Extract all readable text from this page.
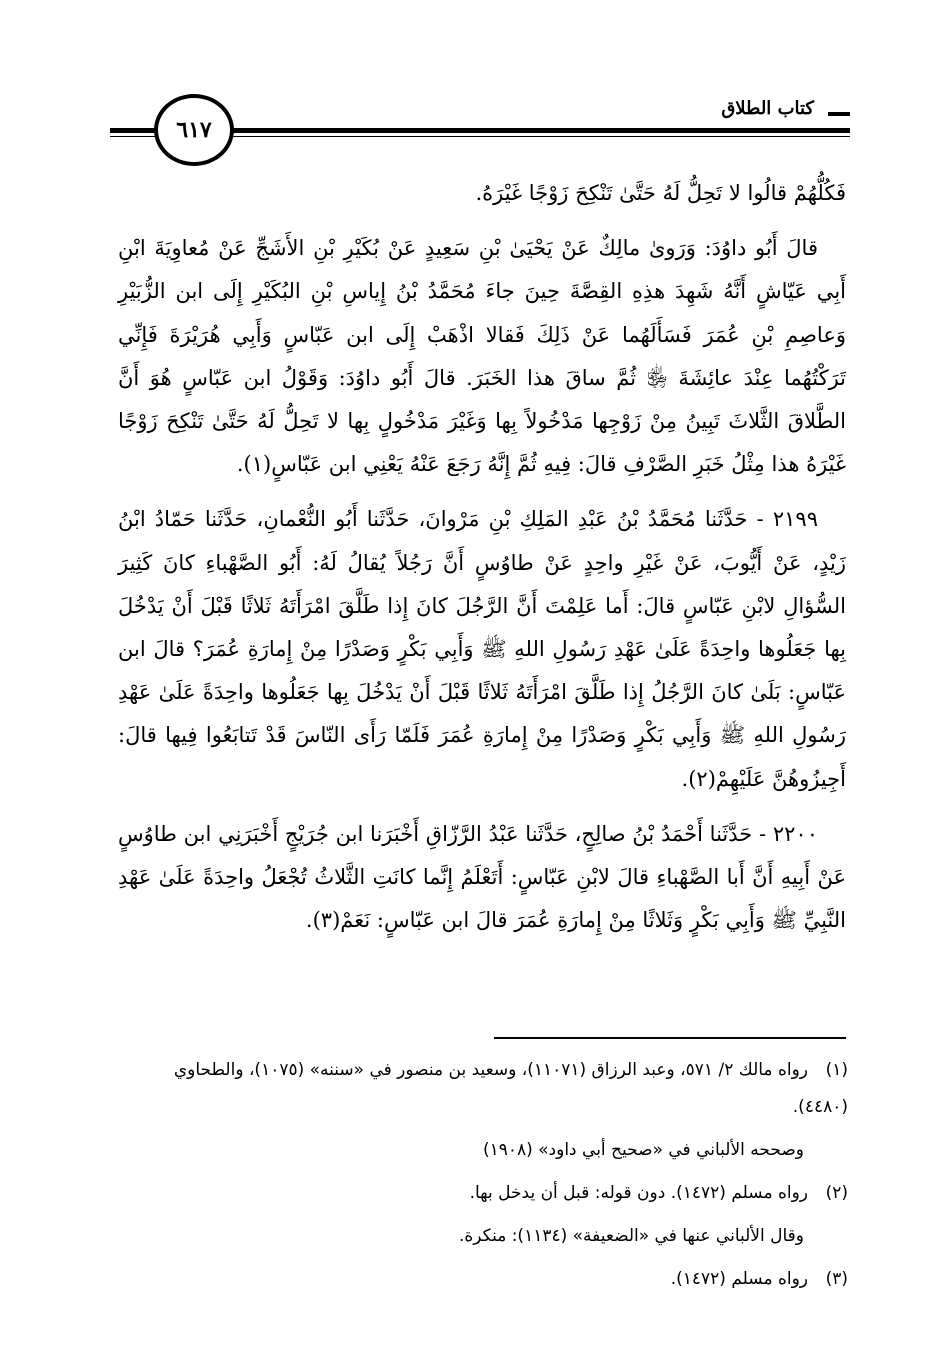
كتاب الطلاق
٦١٧

فَكُلُّهُمْ قالُوا لا تَحِلُّ لَهُ حَتَّىٰ تَنْكِحَ زَوْجًا غَيْرَهُ.

قالَ أَبُو داوُدَ: وَرَوىٰ مالِكٌ عَنْ يَحْيَىٰ بْنِ سَعِيدٍ عَنْ بُكَيْرِ بْنِ الأَشَجِّ عَنْ مُعاوِيَةَ ابْنِ أَبِي عَيّاشٍ أَنَّهُ شَهِدَ هذِهِ القِصَّةَ حِينَ جاءَ مُحَمَّدُ بْنُ إِياسِ بْنِ البُكَيْرِ إِلَى ابن الزُّبَيْرِ وَعاصِمِ بْنِ عُمَرَ فَسَأَلَهُما عَنْ ذَلِكَ فَقالا اذْهَبْ إِلَى ابن عَبّاسٍ وَأَبِي هُرَيْرَةَ فَإِنِّي تَرَكْتُهُما عِنْدَ عائِشَةَ ﵂ ثُمَّ ساقَ هذا الخَبَرَ. قالَ أَبُو داوُدَ: وَقَوْلُ ابن عَبّاسٍ هُوَ أَنَّ الطَّلاقَ الثَّلاثَ تَبِينُ مِنْ زَوْجِها مَدْخُولاً بِها وَغَيْرَ مَدْخُولٍ بِها لا تَحِلُّ لَهُ حَتَّىٰ تَنْكِحَ زَوْجًا غَيْرَهُ هذا مِثْلُ خَبَرِ الصَّرْفِ قالَ: فِيهِ ثُمَّ إِنَّهُ رَجَعَ عَنْهُ يَعْنِي ابن عَبّاسٍ(١).

٢١٩٩ - حَدَّثَنا مُحَمَّدُ بْنُ عَبْدِ المَلِكِ بْنِ مَرْوانَ، حَدَّثَنا أَبُو النُّعْمانِ، حَدَّثَنا حَمّادُ ابْنُ زَيْدٍ، عَنْ أَيُّوبَ، عَنْ غَيْرِ واحِدٍ عَنْ طاوُسٍ أَنَّ رَجُلاً يُقالُ لَهُ: أَبُو الصَّهْباءِ كانَ كَثِيرَ السُّؤالِ لابْنِ عَبّاسٍ قالَ: أَما عَلِمْتَ أَنَّ الرَّجُلَ كانَ إِذا طَلَّقَ امْرَأَتَهُ ثَلاثًا قَبْلَ أَنْ يَدْخُلَ بِها جَعَلُوها واحِدَةً عَلَىٰ عَهْدِ رَسُولِ اللهِ ﷺ وَأَبِي بَكْرٍ وَصَدْرًا مِنْ إِمارَةِ عُمَرَ؟ قالَ ابن عَبّاسٍ: بَلَىٰ كانَ الرَّجُلُ إِذا طَلَّقَ امْرَأَتَهُ ثَلاثًا قَبْلَ أَنْ يَدْخُلَ بِها جَعَلُوها واحِدَةً عَلَىٰ عَهْدِ رَسُولِ اللهِ ﷺ وَأَبِي بَكْرٍ وَصَدْرًا مِنْ إِمارَةِ عُمَرَ فَلَمّا رَأَى النّاسَ قَدْ تَتابَعُوا فِيها قالَ: أَجِيزُوهُنَّ عَلَيْهِمْ(٢).

٢٢٠٠ - حَدَّثَنا أَحْمَدُ بْنُ صالِحٍ، حَدَّثَنا عَبْدُ الرَّزّاقِ أَخْبَرَنا ابن جُرَيْجٍ أَخْبَرَنِي ابن طاوُسٍ عَنْ أَبِيهِ أَنَّ أَبا الصَّهْباءِ قالَ لابْنِ عَبّاسٍ: أَتَعْلَمُ إِنَّما كانَتِ الثَّلاثُ تُجْعَلُ واحِدَةً عَلَىٰ عَهْدِ النَّبِيِّ ﷺ وَأَبِي بَكْرٍ وَثَلاثًا مِنْ إِمارَةِ عُمَرَ قالَ ابن عَبّاسٍ: نَعَمْ(٣).

(١)رواه مالك ٢/ ٥٧١، وعبد الرزاق (١١٠٧١)، وسعيد بن منصور في «سننه» (١٠٧٥)، والطحاوي (٤٤٨٠).

وصححه الألباني في «صحيح أبي داود» (١٩٠٨)

(٢)رواه مسلم (١٤٧٢). دون قوله: قبل أن يدخل بها.

وقال الألباني عنها في «الضعيفة» (١١٣٤): منكرة.

(٣)رواه مسلم (١٤٧٢).
